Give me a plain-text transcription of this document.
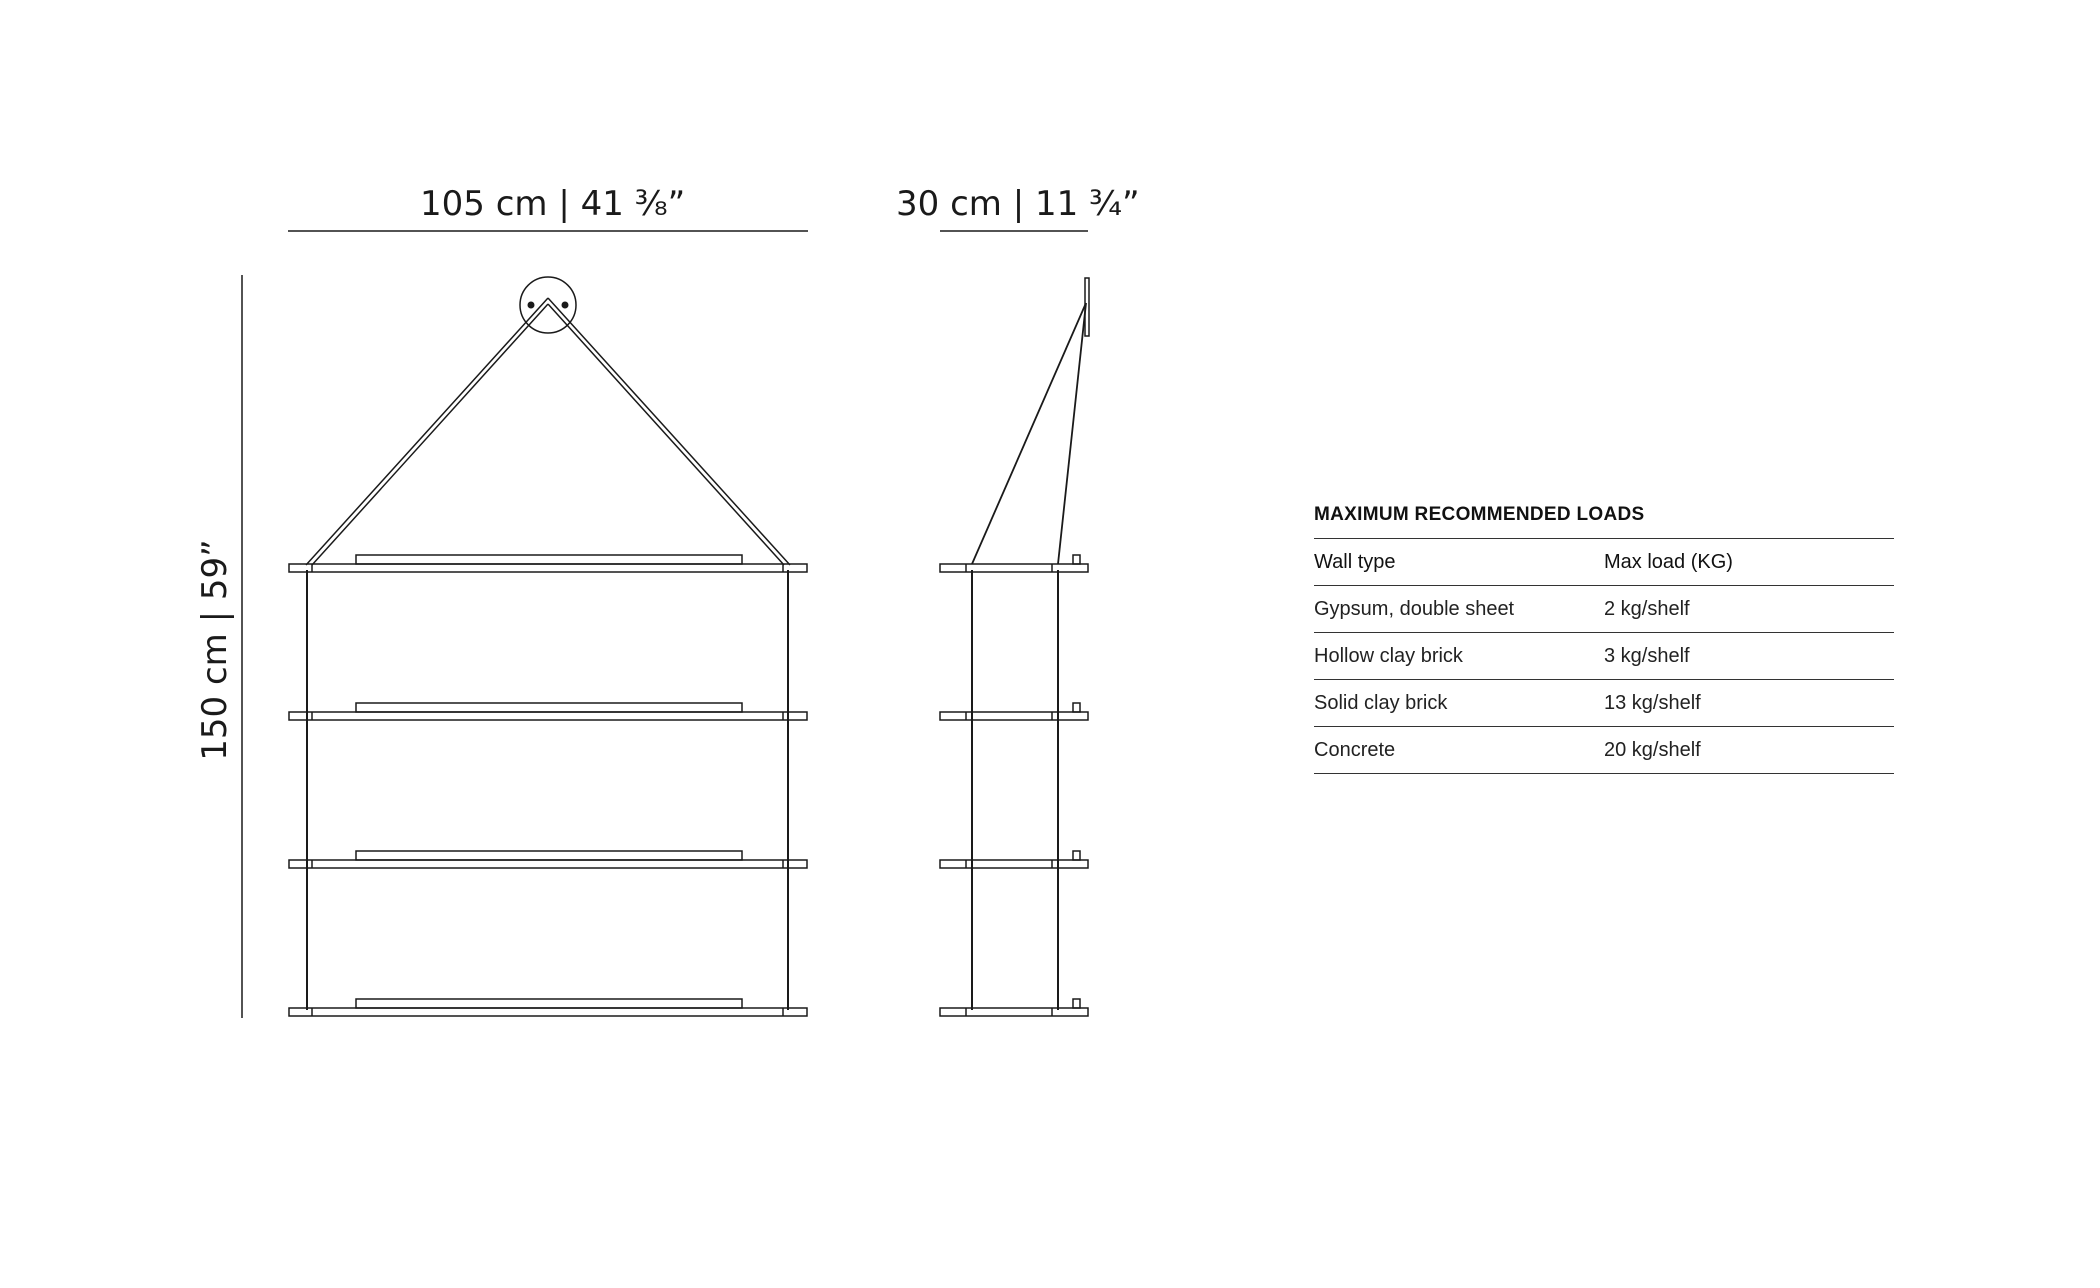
105 cm | 41 ³⁄₈”	30 cm | 11 ³⁄₄”
150 cm | 59”
MAXIMUM RECOMMENDED LOADS
Wall type	Max load (KG)
Gypsum, double sheet	2 kg/shelf
Hollow clay brick	3 kg/shelf
Solid clay brick	13 kg/shelf
Concrete	20 kg/shelf
